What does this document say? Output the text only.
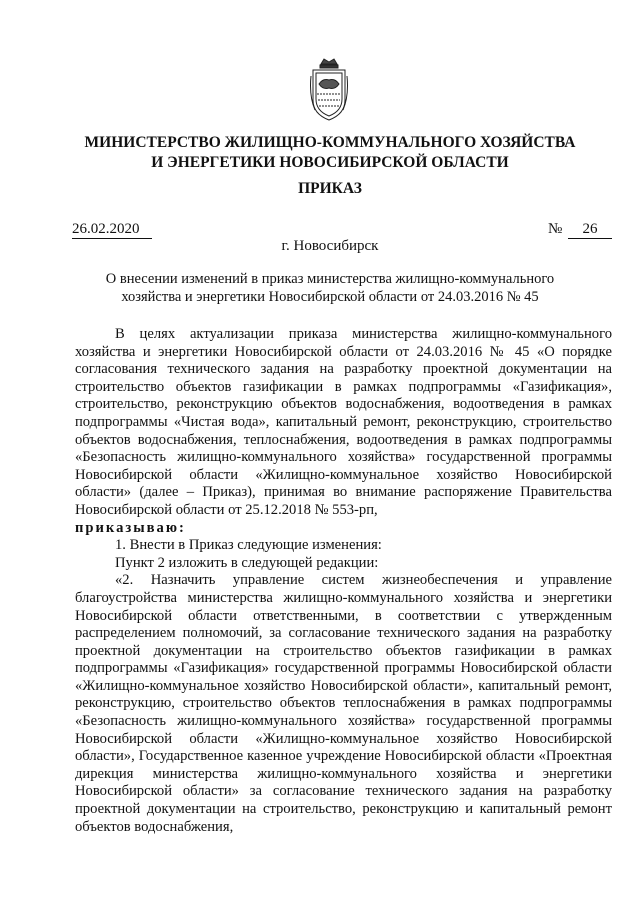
МИНИСТЕРСТВО ЖИЛИЩНО-КОММУНАЛЬНОГО ХОЗЯЙСТВА
И ЭНЕРГЕТИКИ НОВОСИБИРСКОЙ ОБЛАСТИ
ПРИКАЗ
26.02.2020	№	26
г. Новосибирск
О внесении изменений в приказ министерства жилищно-коммунального
хозяйства и энергетики Новосибирской области от 24.03.2016 № 45

В целях актуализации приказа министерства жилищно-коммунального хозяйства и энергетики Новосибирской области от 24.03.2016 № 45 «О порядке согласования технического задания на разработку проектной документации на строительство объектов газификации в рамках подпрограммы «Газификация», строительство, реконструкцию объектов водоснабжения, водоотведения в рамках подпрограммы «Чистая вода», капитальный ремонт, реконструкцию, строительство объектов водоснабжения, теплоснабжения, водоотведения в рамках подпрограммы «Безопасность жилищно-коммунального хозяйства» государственной программы Новосибирской области «Жилищно-коммунальное хозяйство Новосибирской области» (далее – Приказ), принимая во внимание распоряжение Правительства Новосибирской области от 25.12.2018 № 553-рп,

приказываю:

1. Внести в Приказ следующие изменения:

Пункт 2 изложить в следующей редакции:

«2. Назначить управление систем жизнеобеспечения и управление благоустройства министерства жилищно-коммунального хозяйства и энергетики Новосибирской области ответственными, в соответствии с утвержденным распределением полномочий, за согласование технического задания на разработку проектной документации на строительство объектов газификации в рамках подпрограммы «Газификация» государственной программы Новосибирской области «Жилищно-коммунальное хозяйство Новосибирской области», капитальный ремонт, реконструкцию, строительство объектов теплоснабжения в рамках подпрограммы «Безопасность жилищно-коммунального хозяйства» государственной программы Новосибирской области «Жилищно-коммунальное хозяйство Новосибирской области», Государственное казенное учреждение Новосибирской области «Проектная дирекция министерства жилищно-коммунального хозяйства и энергетики Новосибирской области» за согласование технического задания на разработку проектной документации на строительство, реконструкцию и капитальный ремонт объектов водоснабжения,
